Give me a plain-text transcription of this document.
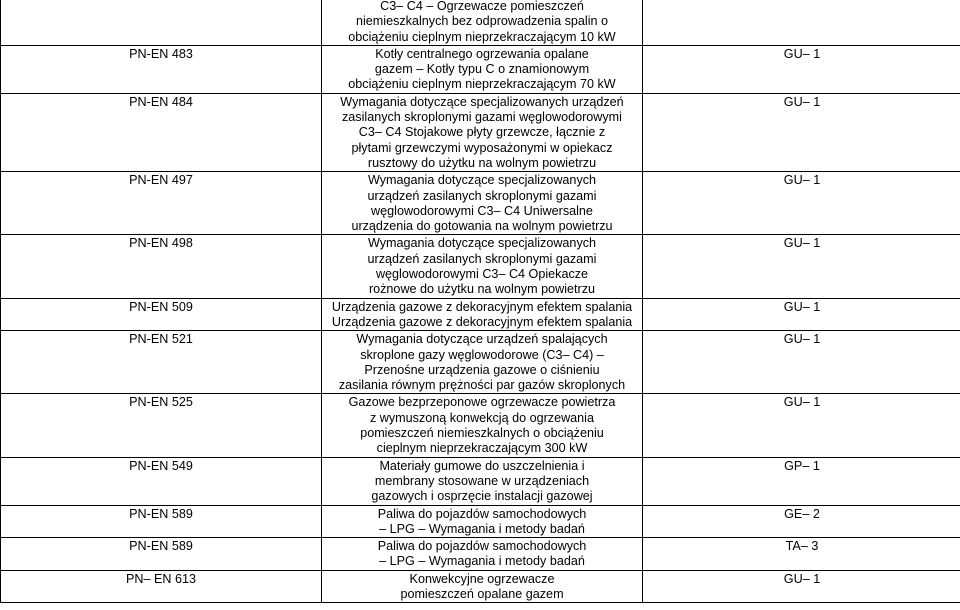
	C3– C4 – Ogrzewacze pomieszczeń
niemieszkalnych bez odprowadzenia spalin o
obciążeniu cieplnym nieprzekraczającym 10 kW	

PN-EN 483	Kotły centralnego ogrzewania opalane
gazem – Kotły typu C o znamionowym
obciążeniu cieplnym nieprzekraczającym 70 kW	GU– 1
PN-EN 484	Wymagania dotyczące specjalizowanych urządzeń
zasilanych skroplonymi gazami węglowodorowymi
C3– C4 Stojakowe płyty grzewcze, łącznie z
płytami grzewczymi wyposażonymi w opiekacz
rusztowy do użytku na wolnym powietrzu	GU– 1
PN-EN 497	Wymagania dotyczące specjalizowanych
urządzeń zasilanych skroplonymi gazami
węglowodorowymi C3– C4 Uniwersalne
urządzenia do gotowania na wolnym powietrzu	GU– 1
PN-EN 498	Wymagania dotyczące specjalizowanych
urządzeń zasilanych skroplonymi gazami
węglowodorowymi C3– C4 Opiekacze
rożnowe do użytku na wolnym powietrzu	GU– 1
PN-EN 509	Urządzenia gazowe z dekoracyjnym efektem spalania
Urządzenia gazowe z dekoracyjnym efektem spalania	GU– 1
PN-EN 521	Wymagania dotyczące urządzeń spalających
skroplone gazy węglowodorowe (C3– C4) –
Przenośne urządzenia gazowe o ciśnieniu
zasilania równym prężności par gazów skroplonych	GU– 1
PN-EN 525	Gazowe bezprzeponowe ogrzewacze powietrza
z wymuszoną konwekcją do ogrzewania
pomieszczeń niemieszkalnych o obciążeniu
cieplnym nieprzekraczającym 300 kW	GU– 1
PN-EN 549	Materiały gumowe do uszczelnienia i
membrany stosowane w urządzeniach
gazowych i osprzęcie instalacji gazowej	GP– 1
PN-EN 589	Paliwa do pojazdów samochodowych
– LPG – Wymagania i metody badań	GE– 2
PN-EN 589	Paliwa do pojazdów samochodowych
– LPG – Wymagania i metody badań	TA– 3
PN– EN 613	Konwekcyjne ogrzewacze
pomieszczeń opalane gazem	GU– 1
